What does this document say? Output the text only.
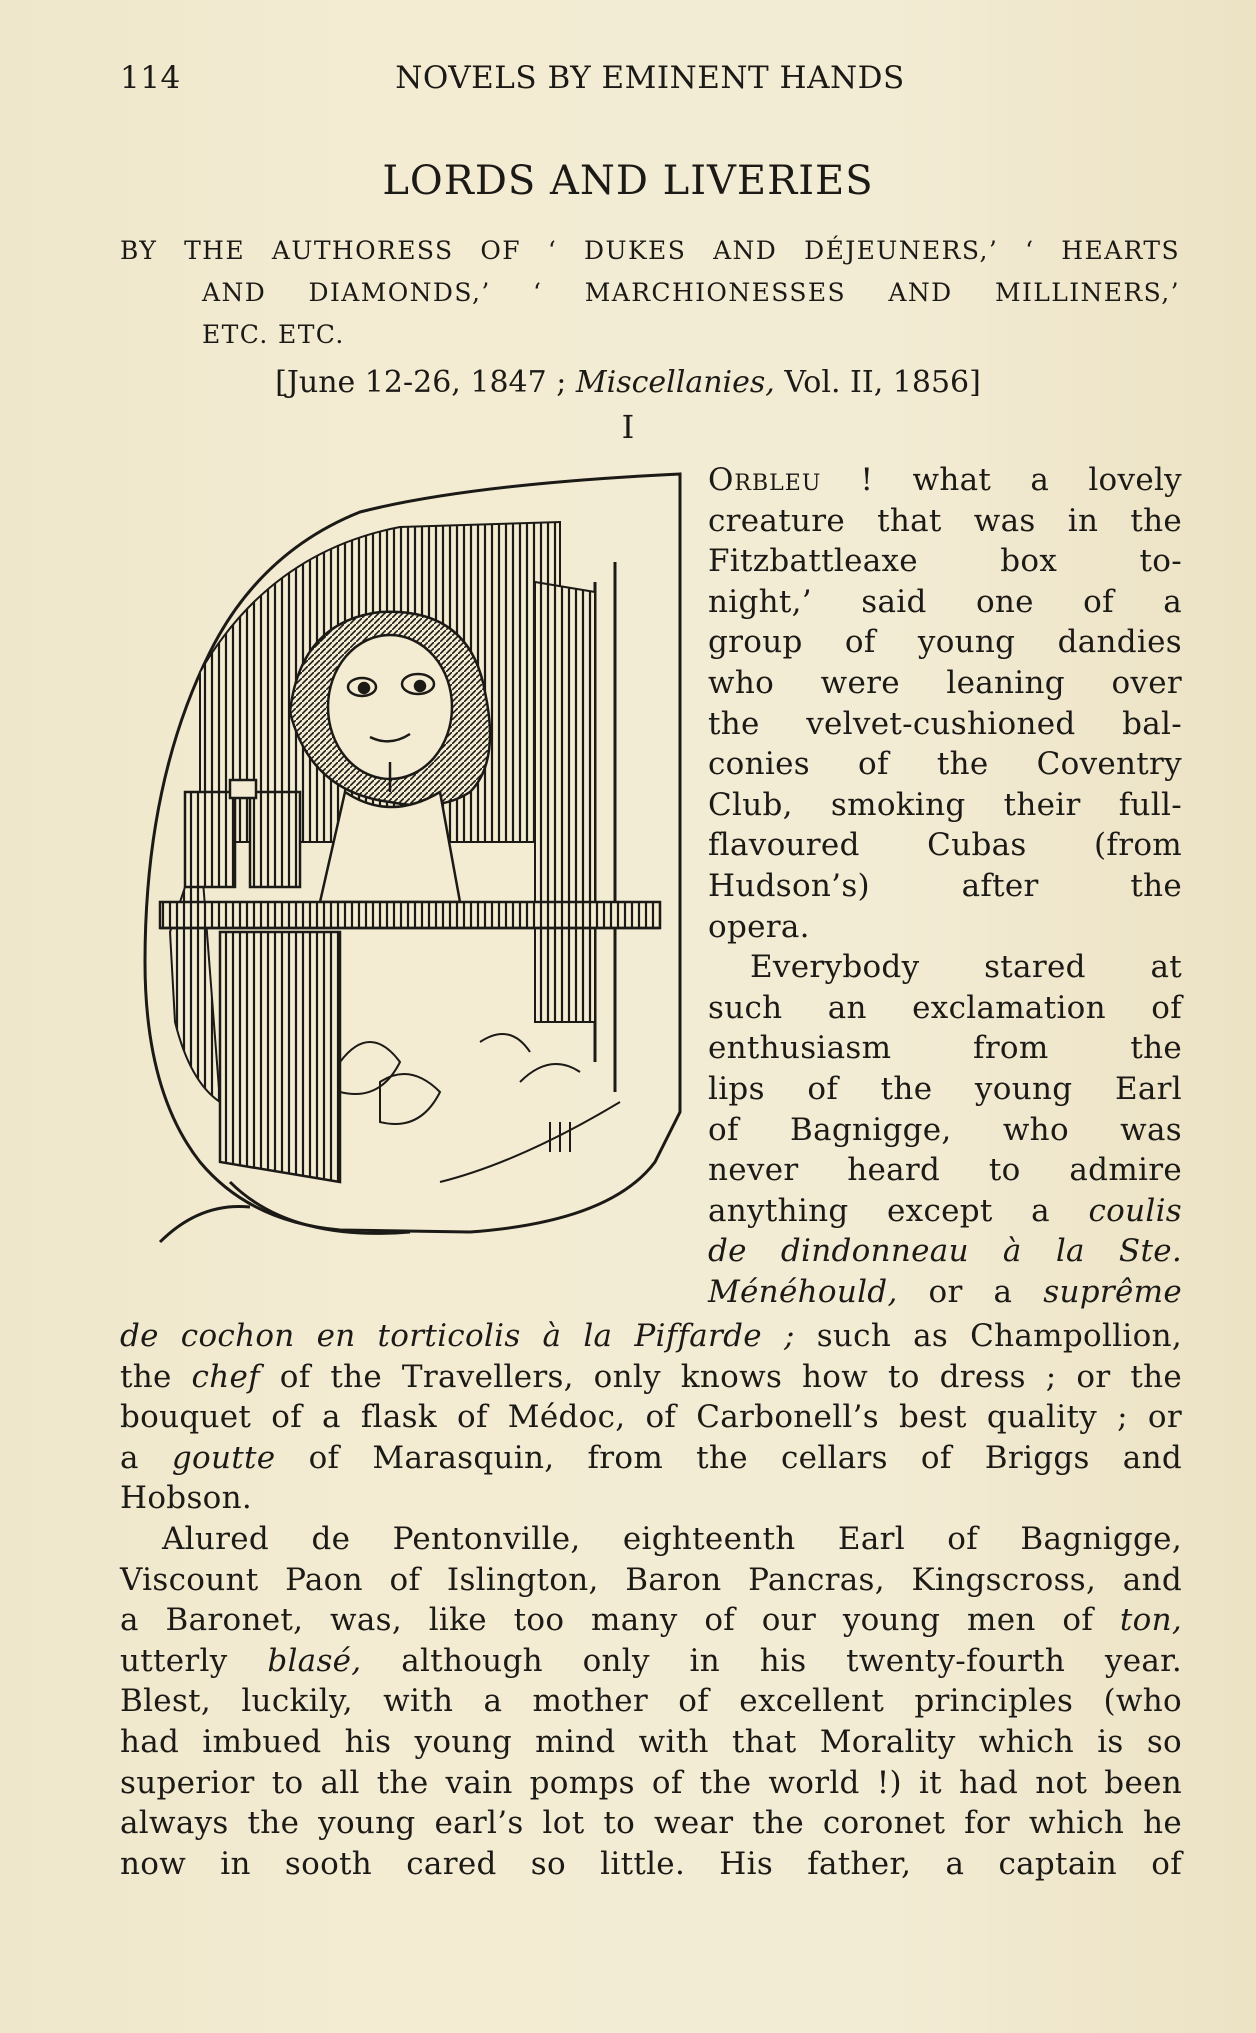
114	NOVELS BY EMINENT HANDS
LORDS AND LIVERIES
BY THE AUTHORESS OF ‘ DUKES AND DÉJEUNERS,’ ‘ HEARTS
AND DIAMONDS,’ ‘ MARCHIONESSES AND MILLINERS,’
ETC. ETC.
[June 12-26, 1847 ; Miscellanies, Vol. II, 1856]
I
Orbleu ! what a lovely
creature that was in the
Fitzbattleaxe box to-
night,’ said one of a
group of young dandies
who were leaning over
the velvet-cushioned bal-
conies of the Coventry
Club, smoking their full-
flavoured Cubas (from
Hudson’s) after the
opera.
Everybody stared at
such an exclamation of
enthusiasm from the
lips of the young Earl
of Bagnigge, who was
never heard to admire
anything except a coulis
de dindonneau à la Ste.
Ménéhould, or a suprême
de cochon en torticolis à la Piffarde ; such as Champollion,
the chef of the Travellers, only knows how to dress ; or the
bouquet of a flask of Médoc, of Carbonell’s best quality ; or
a goutte of Marasquin, from the cellars of Briggs and
Hobson.
Alured de Pentonville, eighteenth Earl of Bagnigge,
Viscount Paon of Islington, Baron Pancras, Kingscross, and
a Baronet, was, like too many of our young men of ton,
utterly blasé, although only in his twenty-fourth year.
Blest, luckily, with a mother of excellent principles (who
had imbued his young mind with that Morality which is so
superior to all the vain pomps of the world !) it had not been
always the young earl’s lot to wear the coronet for which he
now in sooth cared so little. His father, a captain of
